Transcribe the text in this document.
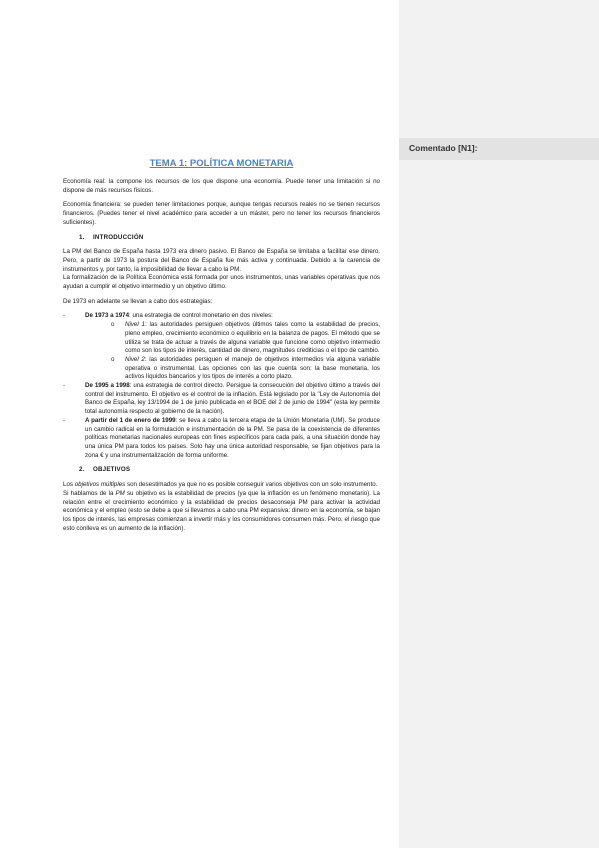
Comentado [N1]:
TEMA 1: POLÍTICA MONETARIA

Economía real: la compone los recursos de los que dispone una economía. Puede tener una limitación si no dispone de más recursos físicos.

Economía financiera: se pueden tener limitaciones porque, aunque tengas recursos reales no se tienen recursos financieros. (Puedes tener el nivel académico para acceder a un máster, pero no tener los recursos financieros suficientes).

1. INTRODUCCIÓN

La PM del Banco de España hasta 1973 era dinero pasivo. El Banco de España se limitaba a facilitar ese dinero. Pero, a partir de 1973 la postura del Banco de España fue más activa y continuada. Debido a la carencia de instrumentos y, por tanto, la imposibilidad de llevar a cabo la PM.

La formalización de la Política Económica está formada por unos instrumentos, unas variables operativas que nos ayudan a cumplir el objetivo intermedio y un objetivo último.

De 1973 en adelante se llevan a cabo dos estrategias:

-	De 1973 a 1974: una estrategia de control monetario en dos niveles:
o Nivel 1: las autoridades persiguen objetivos últimos tales como la estabilidad de precios, pleno empleo, crecimiento económico o equilibrio en la balanza de pagos. El método que se utiliza se trata de actuar a través de alguna variable que funcione como objetivo intermedio como son los tipos de interés, cantidad de dinero, magnitudes crediticias o el tipo de cambio.
o Nivel 2: las autoridades persiguen el manejo de objetivos intermedios vía alguna variable operativa o instrumental. Las opciones con las que cuenta son: la base monetaria, los activos líquidos bancarios y los tipos de interés a corto plazo.
-	De 1995 a 1998: una estrategia de control directo. Persigue la consecución del objetivo último a través del control del instrumento. El objetivo es el control de la inflación. Está legislado por la "Ley de Autonomía del Banco de España, ley 13/1994 de 1 de junio publicada en el BOE del 2 de junio de 1994" (esta ley permite total autonomía respecto al gobierno de la nación).
-	A partir del 1 de enero de 1999: se lleva a cabo la tercera etapa de la Unión Monetaria (UM). Se produce un cambio radical en la formulación e instrumentación de la PM. Se pasa de la coexistencia de diferentes políticas monetarias nacionales europeas con fines específicos para cada país, a una situación donde hay una única PM para todos los países. Solo hay una única autoridad responsable, se fijan objetivos para la zona € y una instrumentalización de forma uniforme.
2. OBJETIVOS

Los objetivos múltiples son desestimados ya que no es posible conseguir varios objetivos con un solo instrumento.

Si hablamos de la PM su objetivo es la estabilidad de precios (ya que la inflación es un fenómeno monetario). La relación entre el crecimiento económico y la estabilidad de precios desaconseja PM para activar la actividad económica y el empleo (esto se debe a que si llevamos a cabo una PM expansiva: dinero en la economía, se bajan los tipos de interés, las empresas comienzan a invertir más y los consumidores consumen más. Pero, el riesgo que esto conlleva es un aumento de la inflación).
